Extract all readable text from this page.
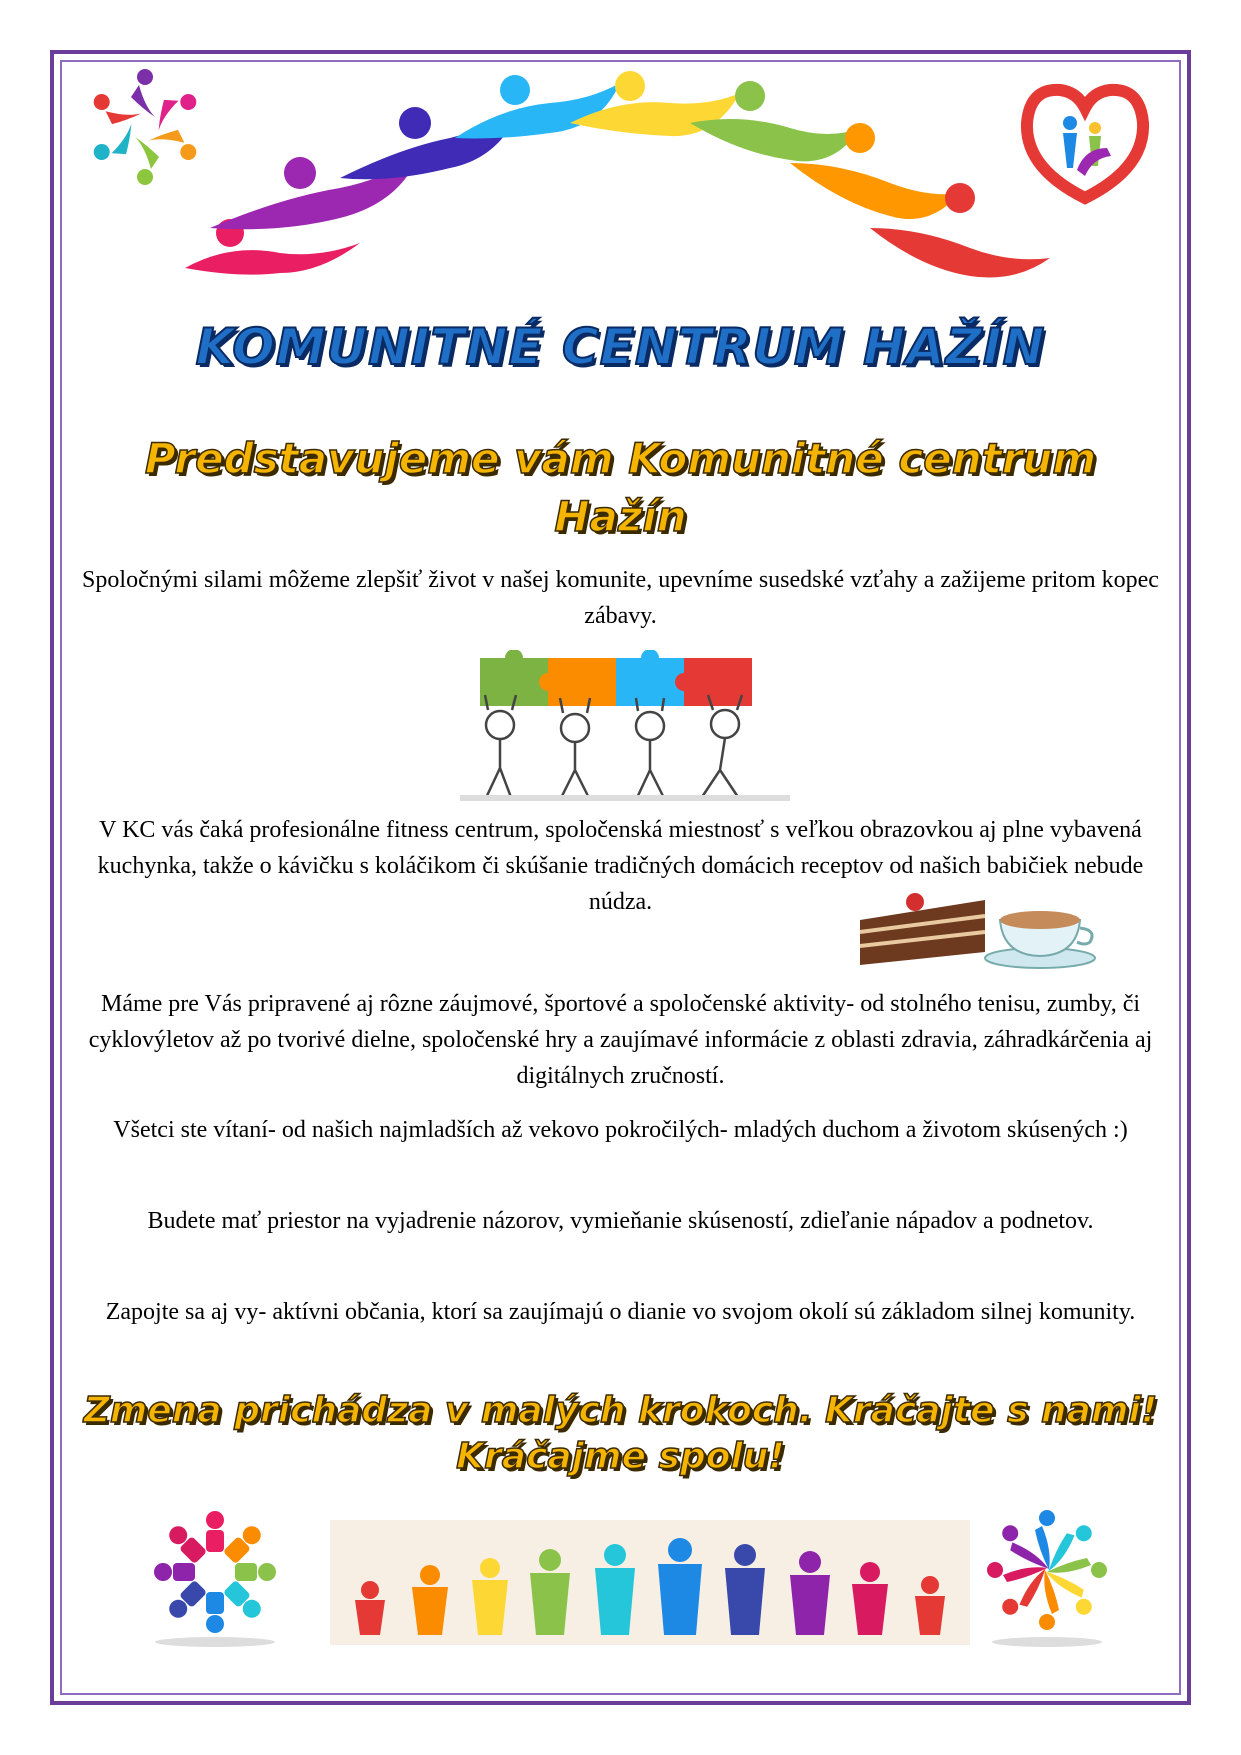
KOMUNITNÉ CENTRUM HAŽÍN
Predstavujeme vám Komunitné centrum
Hažín
Spoločnými silami môžeme zlepšiť život v našej komunite, upevníme susedské vzťahy a zažijeme pritom kopec zábavy.
V KC vás čaká profesionálne fitness centrum, spoločenská miestnosť s veľkou obrazovkou aj plne vybavená kuchynka, takže o kávičku s koláčikom či skúšanie tradičných domácich receptov od našich babičiek nebude núdza.
Máme pre Vás pripravené aj rôzne záujmové, športové a spoločenské aktivity- od stolného tenisu, zumby, či cyklovýletov až po tvorivé dielne, spoločenské hry a zaujímavé informácie z oblasti zdravia, záhradkárčenia aj digitálnych zručností.
Všetci ste vítaní- od našich najmladších až vekovo pokročilých- mladých duchom a životom skúsených :)
Budete mať priestor na vyjadrenie názorov, vymieňanie skúseností, zdieľanie nápadov a podnetov.
Zapojte sa aj vy- aktívni občania, ktorí sa zaujímajú o dianie vo svojom okolí sú základom silnej komunity.
Zmena prichádza v malých krokoch. Kráčajte s nami!
Kráčajme spolu!
